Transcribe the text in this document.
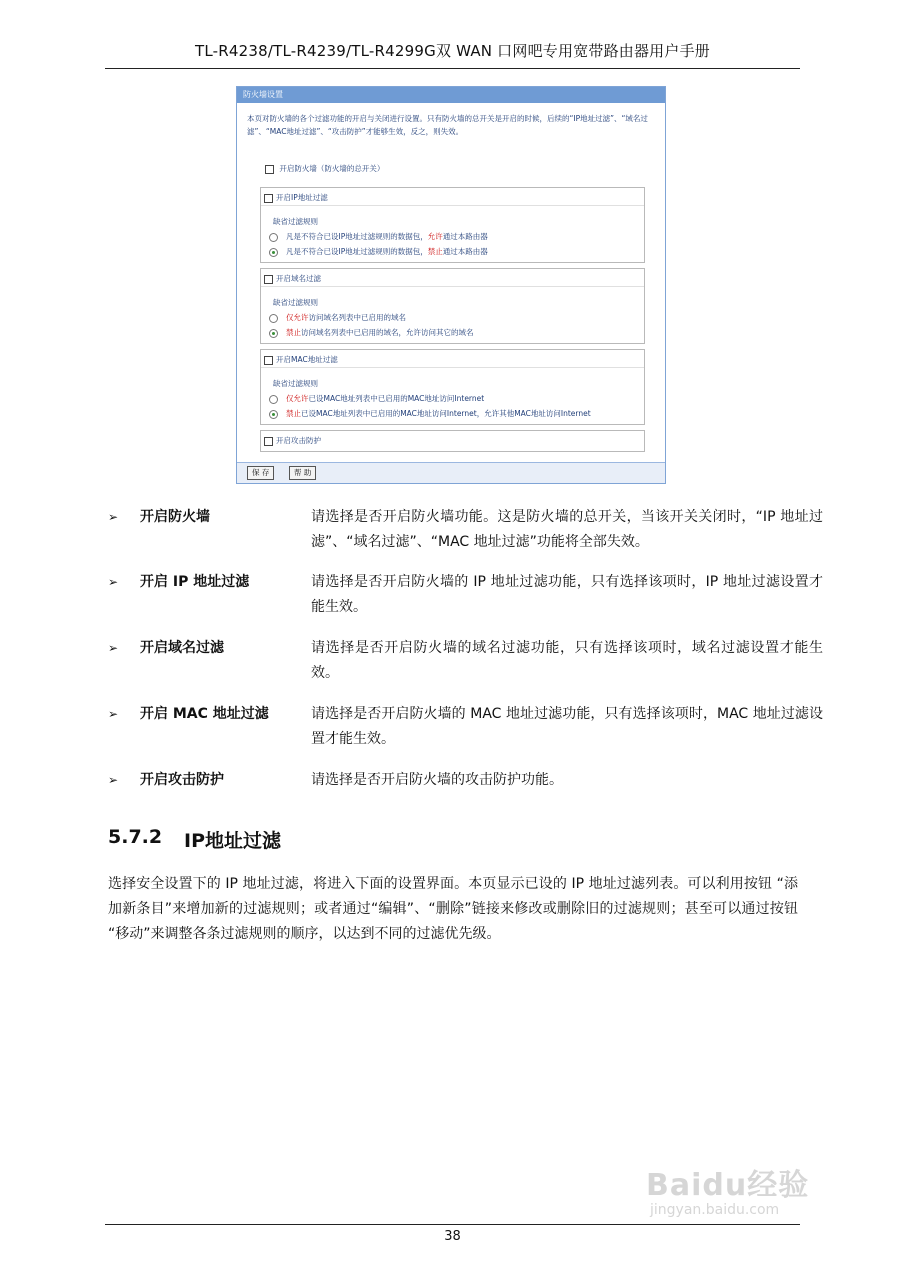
TL-R4238/TL-R4239/TL-R4299G双 WAN 口网吧专用宽带路由器用户手册
防火墙设置
本页对防火墙的各个过滤功能的开启与关闭进行设置。只有防火墙的总开关是开启的时候，后续的“IP地址过滤”、“域名过滤”、“MAC地址过滤”、“攻击防护”才能够生效，反之，则失效。
开启防火墙（防火墙的总开关）
开启IP地址过滤
缺省过滤规则
凡是不符合已设IP地址过滤规则的数据包，允许通过本路由器
凡是不符合已设IP地址过滤规则的数据包，禁止通过本路由器
开启域名过滤
缺省过滤规则
仅允许访问域名列表中已启用的域名
禁止访问域名列表中已启用的域名，允许访问其它的域名
开启MAC地址过滤
缺省过滤规则
仅允许已设MAC地址列表中已启用的MAC地址访问Internet
禁止已设MAC地址列表中已启用的MAC地址访问Internet，允许其他MAC地址访问Internet
开启攻击防护
保 存	帮 助
➢ 开启防火墙	请选择是否开启防火墙功能。这是防火墙的总开关，当该开关关闭时，“IP 地址过滤”、“域名过滤”、“MAC 地址过滤”功能将全部失效。
➢ 开启 IP 地址过滤	请选择是否开启防火墙的 IP 地址过滤功能，只有选择该项时，IP 地址过滤设置才能生效。
➢ 开启域名过滤	请选择是否开启防火墙的域名过滤功能，只有选择该项时，域名过滤设置才能生效。
➢ 开启 MAC 地址过滤	请选择是否开启防火墙的 MAC 地址过滤功能，只有选择该项时，MAC 地址过滤设置才能生效。
➢ 开启攻击防护	请选择是否开启防火墙的攻击防护功能。
5.7.2 IP地址过滤
选择安全设置下的 IP 地址过滤，将进入下面的设置界面。本页显示已设的 IP 地址过滤列表。可以利用按钮 “添加新条目”来增加新的过滤规则；或者通过“编辑”、“删除”链接来修改或删除旧的过滤规则；甚至可以通过按钮 “移动”来调整各条过滤规则的顺序，以达到不同的过滤优先级。
Baidu经验
jingyan.baidu.com
38
